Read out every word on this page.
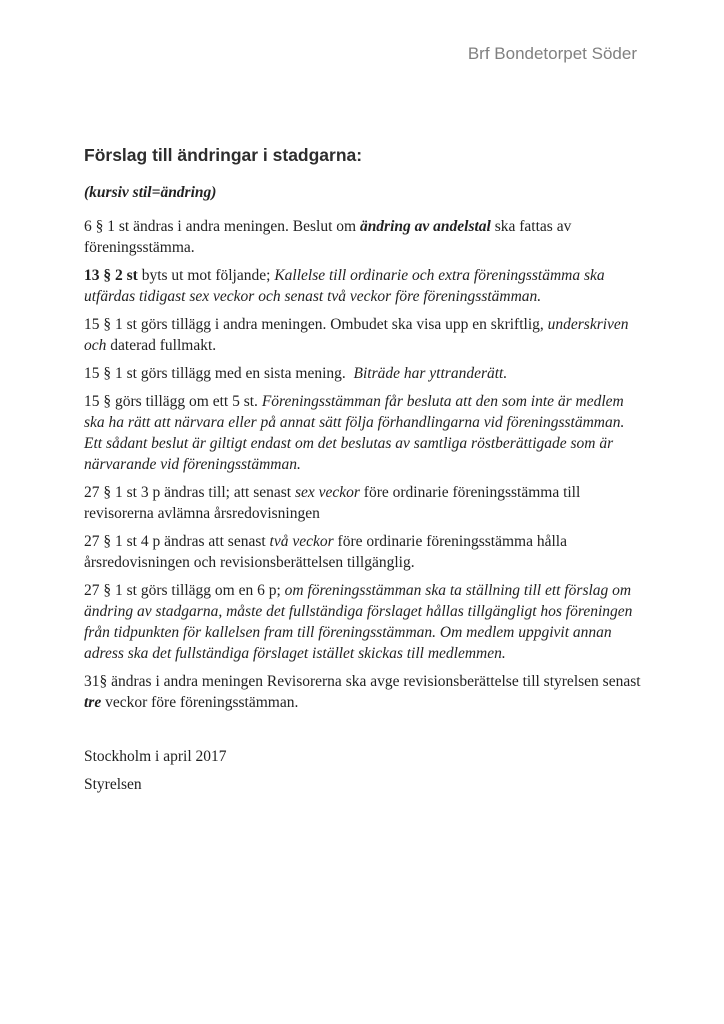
Brf Bondetorpet Söder
Förslag till ändringar i stadgarna:

(kursiv stil=ändring)

6 § 1 st ändras i andra meningen. Beslut om ändring av andelstal ska fattas av föreningsstämma.

13 § 2 st byts ut mot följande; Kallelse till ordinarie och extra föreningsstämma ska utfärdas tidigast sex veckor och senast två veckor före föreningsstämman.

15 § 1 st görs tillägg i andra meningen. Ombudet ska visa upp en skriftlig, underskriven och daterad fullmakt.

15 § 1 st görs tillägg med en sista mening.  Biträde har yttranderätt.

15 § görs tillägg om ett 5 st. Föreningsstämman får besluta att den som inte är medlem ska ha rätt att närvara eller på annat sätt följa förhandlingarna vid föreningsstämman. Ett sådant beslut är giltigt endast om det beslutas av samtliga röstberättigade som är närvarande vid föreningsstämman.

27 § 1 st 3 p ändras till; att senast sex veckor före ordinarie föreningsstämma till revisorerna avlämna årsredovisningen

27 § 1 st 4 p ändras att senast två veckor före ordinarie föreningsstämma hålla årsredovisningen och revisionsberättelsen tillgänglig.

27 § 1 st görs tillägg om en 6 p; om föreningsstämman ska ta ställning till ett förslag om ändring av stadgarna, måste det fullständiga förslaget hållas tillgängligt hos föreningen från tidpunkten för kallelsen fram till föreningsstämman. Om medlem uppgivit annan adress ska det fullständiga förslaget istället skickas till medlemmen.

31§ ändras i andra meningen Revisorerna ska avge revisionsberättelse till styrelsen senast tre veckor före föreningsstämman.

Stockholm i april 2017

Styrelsen
